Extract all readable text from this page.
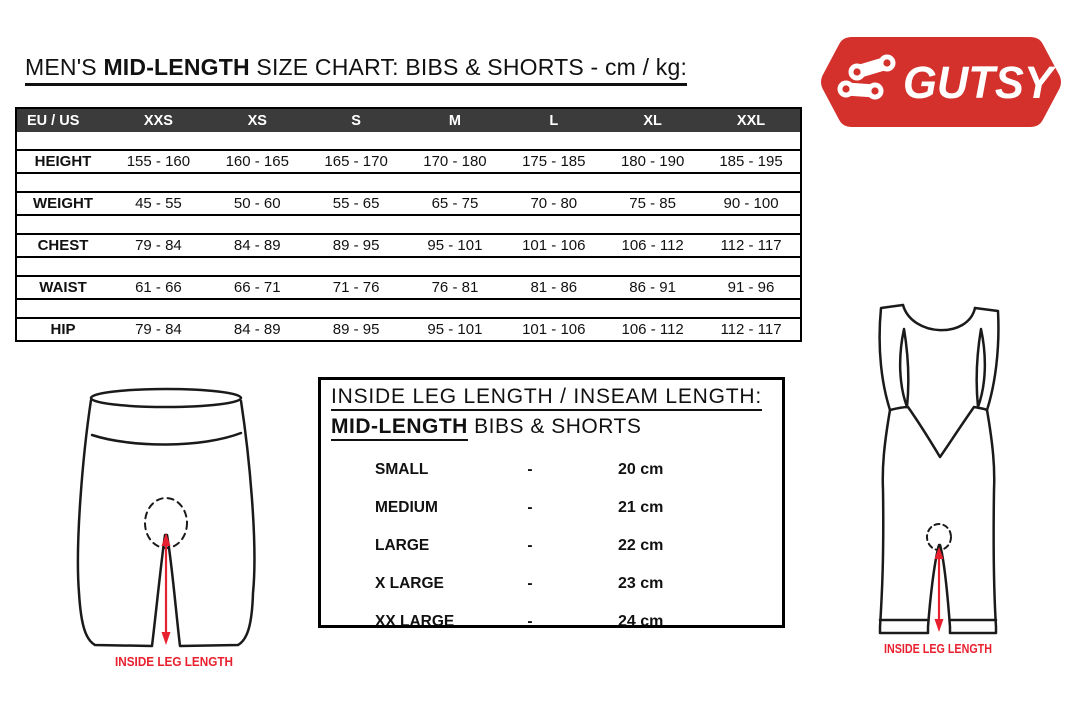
MEN'S MID-LENGTH SIZE CHART: BIBS & SHORTS - cm / kg:	GUTSY
EU / US	XXS	XS	S	M	L	XL	XXL

HEIGHT	155 - 160	160 - 165	165 - 170	170 - 180	175 - 185	180 - 190	185 - 195

WEIGHT	45 - 55	50 - 60	55 - 65	65 - 75	70 - 80	75 - 85	90 - 100

CHEST	79 - 84	84 - 89	89 - 95	95 - 101	101 - 106	106 - 112	112 - 117

WAIST	61 - 66	66 - 71	71 - 76	76 - 81	81 - 86	86 - 91	91 - 96

HIP	79 - 84	84 - 89	89 - 95	95 - 101	101 - 106	106 - 112	112 - 117
INSIDE LEG LENGTH / INSEAM LENGTH:
MID-LENGTH BIBS & SHORTS
SMALL	-	20 cm
MEDIUM	-	21 cm
LARGE	-	22 cm
X LARGE	-	23 cm
XX LARGE	-	24 cm
INSIDE LEG LENGTH
INSIDE LEG LENGTH
